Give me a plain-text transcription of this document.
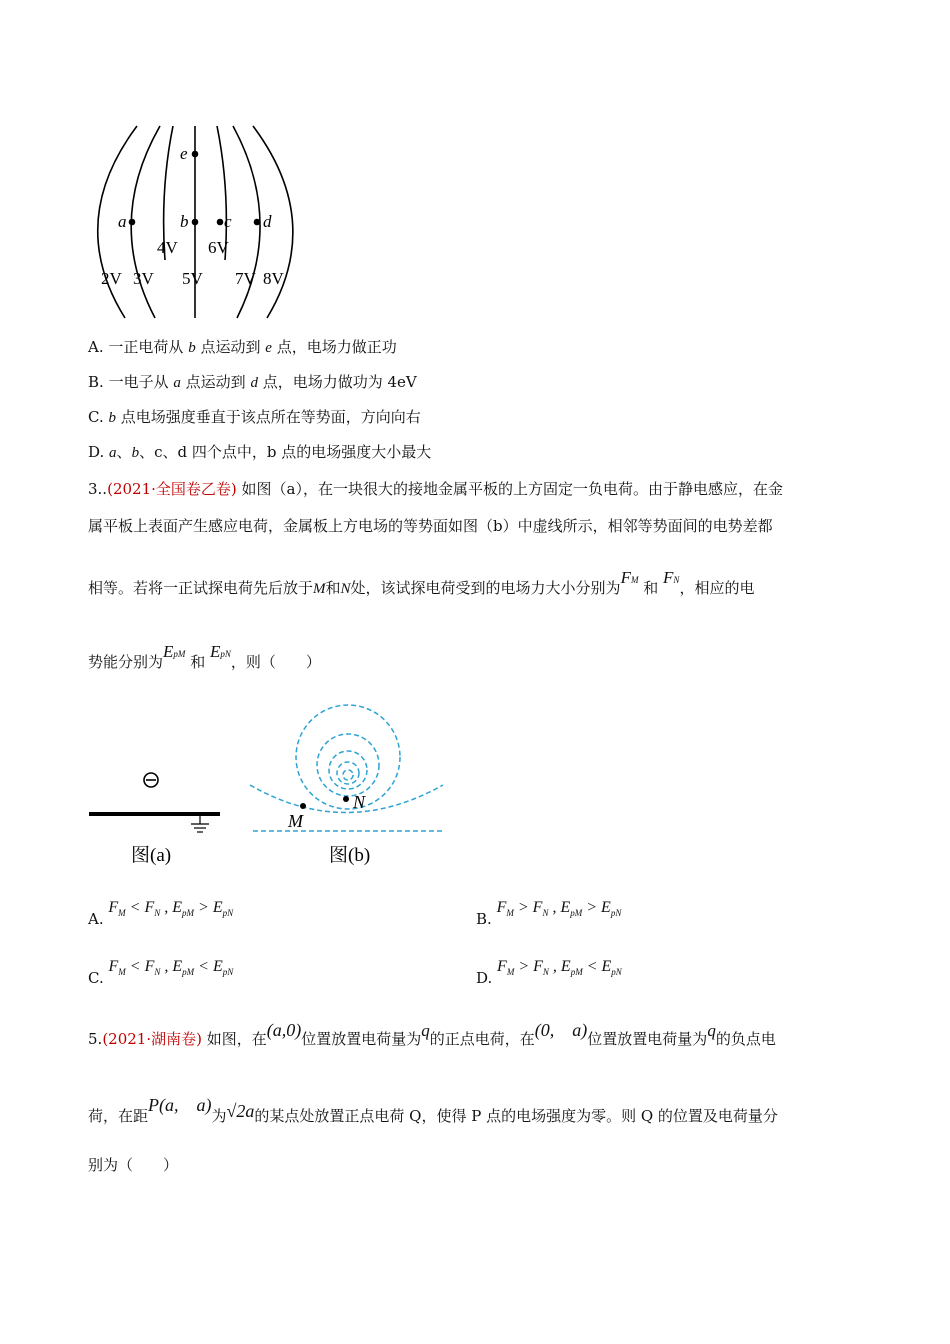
e
a	b c d
4V 6V
2V 3V 5V 7V 8V
A. 一正电荷从 b 点运动到 e 点，电场力做正功
B. 一电子从 a 点运动到 d 点，电场力做功为 4eV
C. b 点电场强度垂直于该点所在等势面，方向向右
D. a、b、c、d 四个点中，b 点的电场强度大小最大
3..(2021·全国卷乙卷) 如图（a），在一块很大的接地金属平板的上方固定一负电荷。由于静电感应，在金
属平板上表面产生感应电荷，金属板上方电场的等势面如图（b）中虚线所示，相邻等势面间的电势差都
相等。若将一正试探电荷先后放于M和N处，该试探电荷受到的电场力大小分别为FM 和 FN，相应的电
势能分别为EpM 和 EpN，则（　　）
图(a)
M
N
图(b)
A. $F_M < F_N$ , $E_{pM} > E_{pN}$	B. $F_M > F_N$ , $E_{pM} > E_{pN}$
C. $F_M < F_N$ , $E_{pM} < E_{pN}$	D. $F_M > F_N$ , $E_{pM} < E_{pN}$
5.(2021·湖南卷) 如图，在(a,0)位置放置电荷量为q的正点电荷，在(0,　a)位置放置电荷量为q的负点电
荷，在距P(a,　a)为√2a的某点处放置正点电荷 Q，使得 P 点的电场强度为零。则 Q 的位置及电荷量分
别为（　　）
